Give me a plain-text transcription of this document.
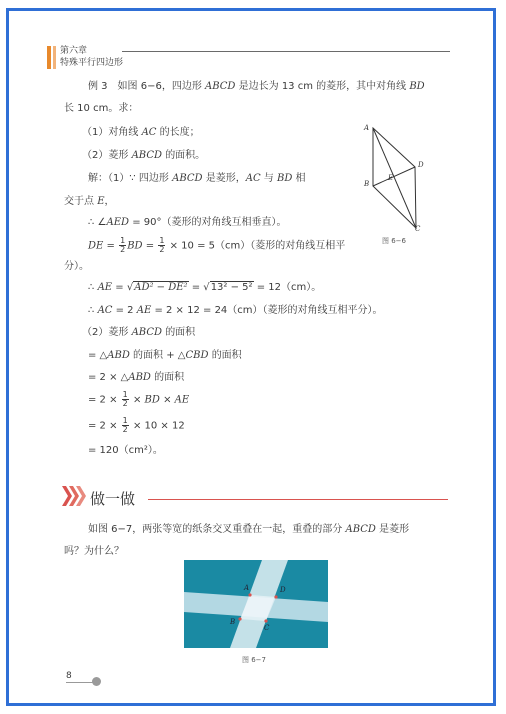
第六章
特殊平行四边形
例 3　如图 6−6，四边形 ABCD 是边长为 13 cm 的菱形，其中对角线 BD
长 10 cm。求：
（1）对角线 AC 的长度；
（2）菱形 ABCD 的面积。
解：（1）∵ 四边形 ABCD 是菱形，AC 与 BD 相
交于点 E，
∴ ∠AED = 90°（菱形的对角线互相垂直）。
DE = $\frac{1}{2}$ BD = $\frac{1}{2} \times 10 = 5(cm)$（菱形的对角线互相平
分）。
∴ AE = √AD² − DE² = √13² − 5² = 12（cm）。
∴ AC = 2 AE = 2 × 12 = 24（cm）（菱形的对角线互相平分）。
（2）菱形 ABCD 的面积
= △ABD 的面积 + △CBD 的面积
= 2 × △ABD 的面积
= $2 \times \frac{1}{2}$ × BD × AE
= $2 \times \frac{1}{2} \times 10 \times 12$
= 120（cm²）。
A
D
B
E
C
图 6−6
做一做
如图 6−7，两张等宽的纸条交叉重叠在一起，重叠的部分 ABCD 是菱形
吗？为什么？
A	D
B
C
图 6−7
8
